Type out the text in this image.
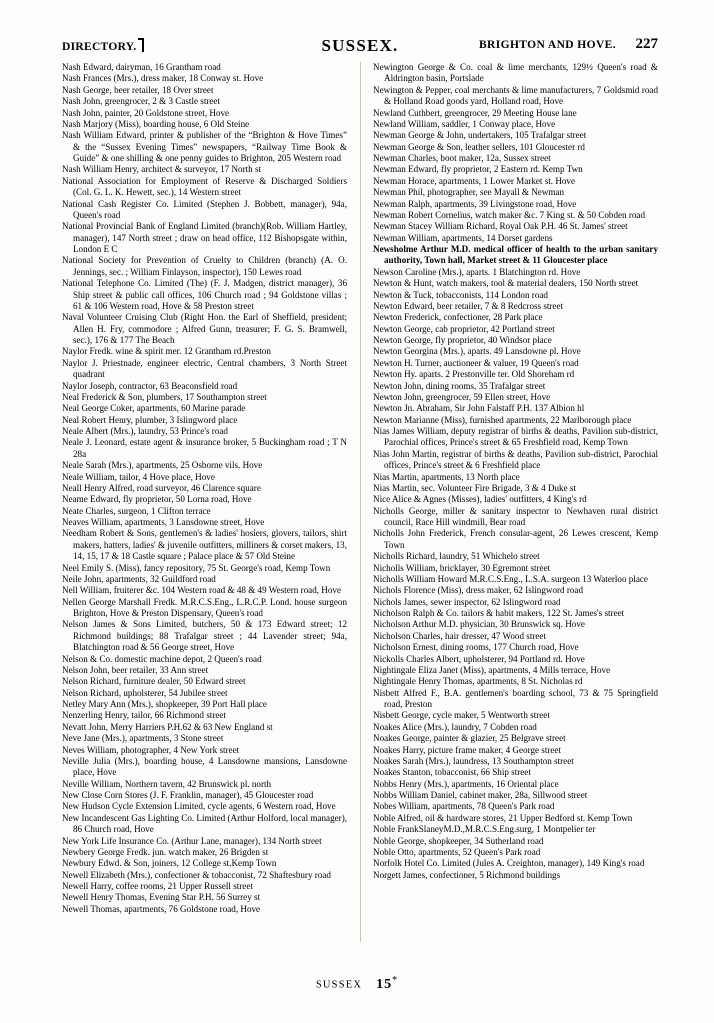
DIRECTORY.	SUSSEX.	BRIGHTON AND HOVE. 227

Nash Edward, dairyman, 16 Grantham road

Nash Frances (Mrs.), dress maker, 18 Conway st. Hove

Nash George, beer retailer, 18 Over street

Nash John, greengrocer, 2 & 3 Castle street

Nash John, painter, 20 Goldstone street, Hove

Nash Marjory (Miss), boarding house, 6 Old Steine

Nash William Edward, printer & publisher of the “Brighton & Hove Times” & the “Sussex Evening Times” newspapers, “Railway Time Book & Guide” & one shilling & one penny guides to Brighton, 205 Western road

Nash William Henry, architect & surveyor, 17 North st

National Association for Employment of Reserve & Discharged Soldiers (Col. G. L. K. Hewett, sec.), 14 Western street

National Cash Register Co. Limited (Stephen J. Bobbett, manager), 94a, Queen's road

National Provincial Bank of England Limited (branch)(Rob. William Hartley, manager), 147 North street ; draw on head office, 112 Bishopsgate within, London E C

National Society for Prevention of Cruelty to Children (branch) (A. O. Jennings, sec. ; William Finlayson, inspector), 150 Lewes road

National Telephone Co. Limited (The) (F. J. Madgen, district manager), 36 Ship street & public call offices, 106 Church road ; 94 Goldstone villas ; 61 & 106 Western road, Hove & 58 Preston street

Naval Volunteer Cruising Club (Right Hon. the Earl of Sheffield, president; Allen H. Fry, commodore ; Alfred Gunn, treasurer; F. G. S. Bramwell, sec.), 176 & 177 The Beach

Naylor Fredk. wine & spirit mer. 12 Grantham rd.Preston

Naylor J. Priestnade, engineer electric, Central chambers, 3 North Street quadrant

Naylor Joseph, contractor, 63 Beaconsfield road

Neal Frederick & Son, plumbers, 17 Southampton street

Neal George Coker, apartments, 60 Marine parade

Neal Robert Henry, plumber, 3 Islingword place

Neale Albert (Mrs.), laundry, 53 Prince's road

Neale J. Leonard, estate agent & insurance broker, 5 Buckingham road ; T N 28a

Neale Sarah (Mrs.), apartments, 25 Osborne vils. Hove

Neale William, tailor, 4 Hove place, Hove

Neall Henry Alfred, road surveyor, 46 Clarence square

Neame Edward, fly proprietor, 50 Lorna road, Hove

Neate Charles, surgeon, 1 Clifton terrace

Neaves William, apartments, 3 Lansdowne street, Hove

Needham Robert & Sons, gentlemen's & ladies' hosiers, glovers, tailors, shirt makers, hatters, ladies' & juvenile outfitters, milliners & corset makers, 13, 14, 15, 17 & 18 Castle square ; Palace place & 57 Old Steine

Neel Emily S. (Miss), fancy repository, 75 St. George's road, Kemp Town

Neile John, apartments, 32 Guildford road

Nell William, fruiterer &c. 104 Western road & 48 & 49 Western road, Hove

Nellen George Marshall Fredk. M.R.C.S.Eng., L.R.C.P. Lond. house surgeon Brighton, Hove & Preston Dispensary, Queen's road

Nelson James & Sons Limited, butchers, 50 & 173 Edward street; 12 Richmond buildings; 88 Trafalgar street ; 44 Lavender street; 94a, Blatchington road & 56 George street, Hove

Nelson & Co. domestic machine depot, 2 Queen's road

Nelson John, beer retailer, 33 Ann street

Nelson Richard, furniture dealer, 50 Edward street

Nelson Richard, upholsterer, 54 Jubilee street

Netley Mary Ann (Mrs.), shopkeeper, 39 Port Hall place

Nenzerling Henry, tailor, 66 Richmond street

Nevatt John, Merry Harriers P.H.62 & 63 New England st

Neve Jane (Mrs.), apartments, 3 Stone street

Neves William, photographer, 4 New York street

Neville Julia (Mrs.), boarding house, 4 Lansdowne mansions, Lansdowne place, Hove

Neville William, Northern tavern, 42 Brunswick pl. north

New Close Corn Stores (J. F. Franklin, manager), 45 Gloucester road

New Hudson Cycle Extension Limited, cycle agents, 6 Western road, Hove

New Incandescent Gas Lighting Co. Limited (Arthur Holford, local manager), 86 Church road, Hove

New York Life Insurance Co. (Arthur Lane, manager), 134 North street

Newbery George Fredk. jun. watch maker, 26 Brigden st

Newbury Edwd. & Son, joiners, 12 College st.Kemp Town

Newell Elizabeth (Mrs.), confectioner & tobacconist, 72 Shaftesbury road

Newell Harry, coffee rooms, 21 Upper Russell street

Newell Henry Thomas, Evening Star P.H. 56 Surrey st

Newell Thomas, apartments, 76 Goldstone road, Hove

Newington George & Co. coal & lime merchants, 129½ Queen's road & Aldrington basin, Portslade

Newington & Pepper, coal merchants & lime manufacturers, 7 Goldsmid road & Holland Road goods yard, Holland road, Hove

Newland Cuthbert, greengrocer, 29 Meeting House lane

Newland William, saddler, 1 Conway place, Hove

Newman George & John, undertakers, 105 Trafalgar street

Newman George & Son, leather sellers, 101 Gloucester rd

Newman Charles, boot maker, 12a, Sussex street

Newman Edward, fly proprietor, 2 Eastern rd. Kemp Twn

Newman Horace, apartments, 1 Lower Market st. Hove

Newman Phil, photographer, see Mayall & Newman

Newman Ralph, apartments, 39 Livingstone road, Hove

Newman Robert Cornelius, watch maker &c. 7 King st. & 50 Cobden road

Newman Stacey William Richard, Royal Oak P.H. 46 St. James' street

Newman William, apartments, 14 Dorset gardens

Newsholme Arthur M.D. medical officer of health to the urban sanitary authority, Town hall, Market street & 11 Gloucester place

Newson Caroline (Mrs.), aparts. 1 Blatchington rd. Hove

Newton & Hunt, watch makers, tool & material dealers, 150 North street

Newton & Tuck, tobacconists, 114 London road

Newton Edward, beer retailer, 7 & 8 Redcross street

Newton Frederick, confectioner, 28 Park place

Newton George, cab proprietor, 42 Portland street

Newton George, fly proprietor, 40 Windsor place

Newton Georgina (Mrs.), aparts. 49 Lansdowne pl. Hove

Newton H. Turner, auctioneer & valuer, 19 Queen's road

Newton Hy. aparts. 2 Prestonville ter. Old Shoreham rd

Newton John, dining rooms, 35 Trafalgar street

Newton John, greengrocer, 59 Ellen street, Hove

Newton Jn. Abraham, Sir John Falstaff P.H. 137 Albion hl

Newton Marianne (Miss), furnished apartments, 22 Marlborough place

Nias James William, deputy registrar of births & deaths, Pavilion sub-district, Parochial offices, Prince's street & 65 Freshfield road, Kemp Town

Nias John Martin, registrar of births & deaths, Pavilion sub-district, Parochial offices, Prince's street & 6 Freshfield place

Nias Martin, apartments, 13 North place

Nias Martin, sec. Volunteer Fire Brigade, 3 & 4 Duke st

Nice Alice & Agnes (Misses), ladies' outfitters, 4 King's rd

Nicholls George, miller & sanitary inspector to Newhaven rural district council, Race Hill windmill, Bear road

Nicholls John Frederick, French consular-agent, 26 Lewes crescent, Kemp Town

Nicholls Richard, laundry, 51 Whichelo street

Nicholls William, bricklayer, 30 Egremont street

Nicholls William Howard M.R.C.S.Eng., L.S.A. surgeon 13 Waterloo place

Nichols Florence (Miss), dress maker, 62 Islingword road

Nichols James, sewer inspector, 62 Islingword road

Nicholson Ralph & Co. tailors & habit makers, 122 St. James's street

Nicholson Arthur M.D. physician, 30 Brunswick sq. Hove

Nicholson Charles, hair dresser, 47 Wood street

Nicholson Ernest, dining rooms, 177 Church road, Hove

Nickolls Charles Albert, upholsterer, 94 Portland rd. Hove

Nightingale Eliza Janet (Miss), apartments, 4 Mills terrace, Hove

Nightingale Henry Thomas, apartments, 8 St. Nicholas rd

Nisbett Alfred F., B.A. gentlemen's boarding school, 73 & 75 Springfield road, Preston

Nisbett George, cycle maker, 5 Wentworth street

Noakes Alice (Mrs.), laundry, 7 Cobden road

Noakes George, painter & glazier, 25 Belgrave street

Noakes Harry, picture frame maker, 4 George street

Noakes Sarah (Mrs.), laundress, 13 Southampton street

Noakes Stanton, tobacconist, 66 Ship street

Nobbs Henry (Mrs.), apartments, 16 Oriental place

Nobbs William Daniel, cabinet maker, 28a, Sillwood street

Nobes William, apartments, 78 Queen's Park road

Noble Alfred, oil & hardware stores, 21 Upper Bedford st. Kemp Town

Noble FrankSlaneyM.D.,M.R.C.S.Eng.surg, 1 Montpelier ter

Noble George, shopkeeper, 34 Sutherland road

Noble Otto, apartments, 52 Queen's Park road

Norfolk Hotel Co. Limited (Jules A. Creighton, manager), 149 King's road

Norgett James, confectioner, 5 Richmond buildings

SUSSEX 15*
